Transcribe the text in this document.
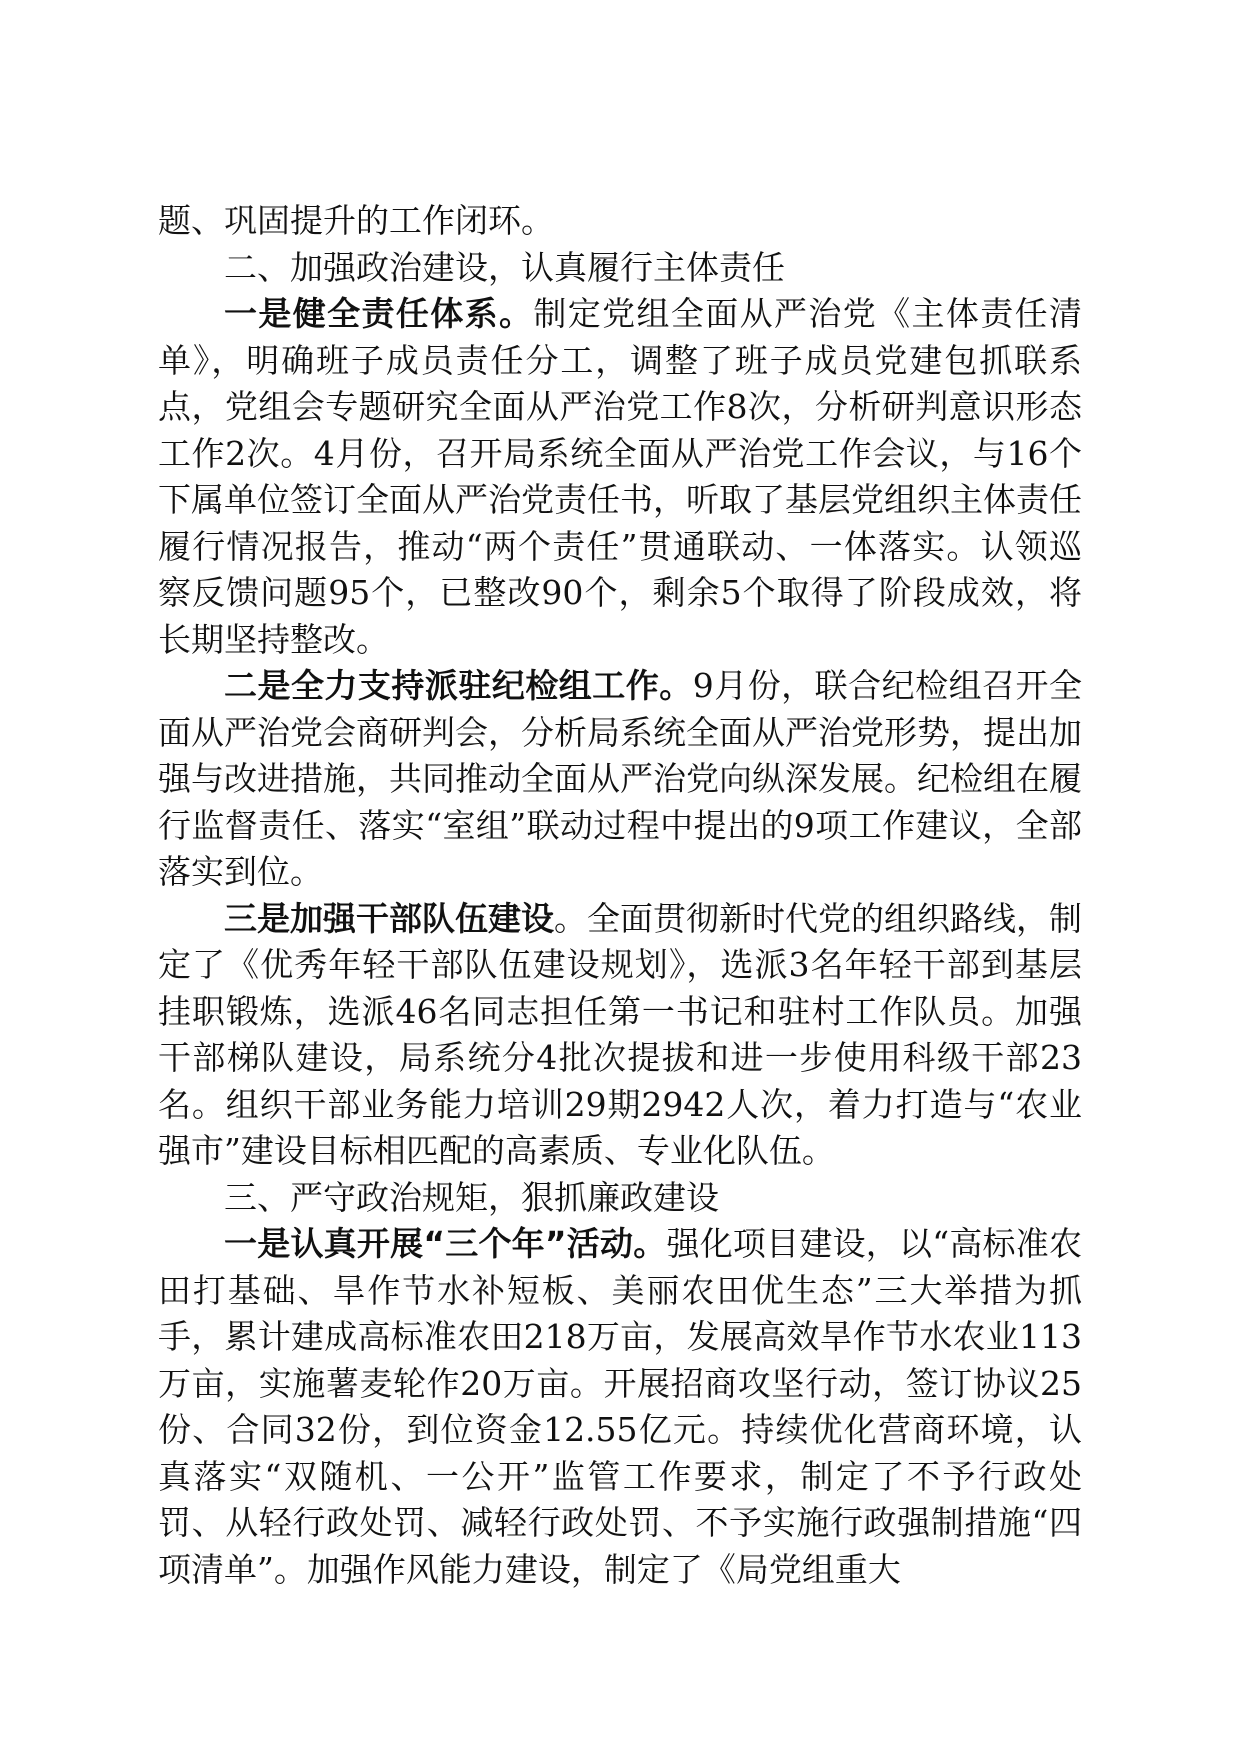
题、巩固提升的工作闭环。

二、加强政治建设，认真履行主体责任

一是健全责任体系。制定党组全面从严治党《主体责任清单》，明确班子成员责任分工，调整了班子成员党建包抓联系点，党组会专题研究全面从严治党工作8次，分析研判意识形态工作2次。4月份，召开局系统全面从严治党工作会议，与16个下属单位签订全面从严治党责任书，听取了基层党组织主体责任履行情况报告，推动“两个责任”贯通联动、一体落实。认领巡察反馈问题95个，已整改90个，剩余5个取得了阶段成效，将长期坚持整改。

二是全力支持派驻纪检组工作。9月份，联合纪检组召开全面从严治党会商研判会，分析局系统全面从严治党形势，提出加强与改进措施，共同推动全面从严治党向纵深发展。纪检组在履行监督责任、落实“室组”联动过程中提出的9项工作建议，全部落实到位。

三是加强干部队伍建设。全面贯彻新时代党的组织路线，制定了《优秀年轻干部队伍建设规划》，选派3名年轻干部到基层挂职锻炼，选派46名同志担任第一书记和驻村工作队员。加强干部梯队建设，局系统分4批次提拔和进一步使用科级干部23名。组织干部业务能力培训29期2942人次，着力打造与“农业强市”建设目标相匹配的高素质、专业化队伍。

三、严守政治规矩，狠抓廉政建设

一是认真开展“三个年”活动。强化项目建设，以“高标准农田打基础、旱作节水补短板、美丽农田优生态”三大举措为抓手，累计建成高标准农田218万亩，发展高效旱作节水农业113万亩，实施薯麦轮作20万亩。开展招商攻坚行动，签订协议25份、合同32份，到位资金12.55亿元。持续优化营商环境，认真落实“双随机、一公开”监管工作要求，制定了不予行政处罚、从轻行政处罚、减轻行政处罚、不予实施行政强制措施“四项清单”。加强作风能力建设，制定了《局党组重大
